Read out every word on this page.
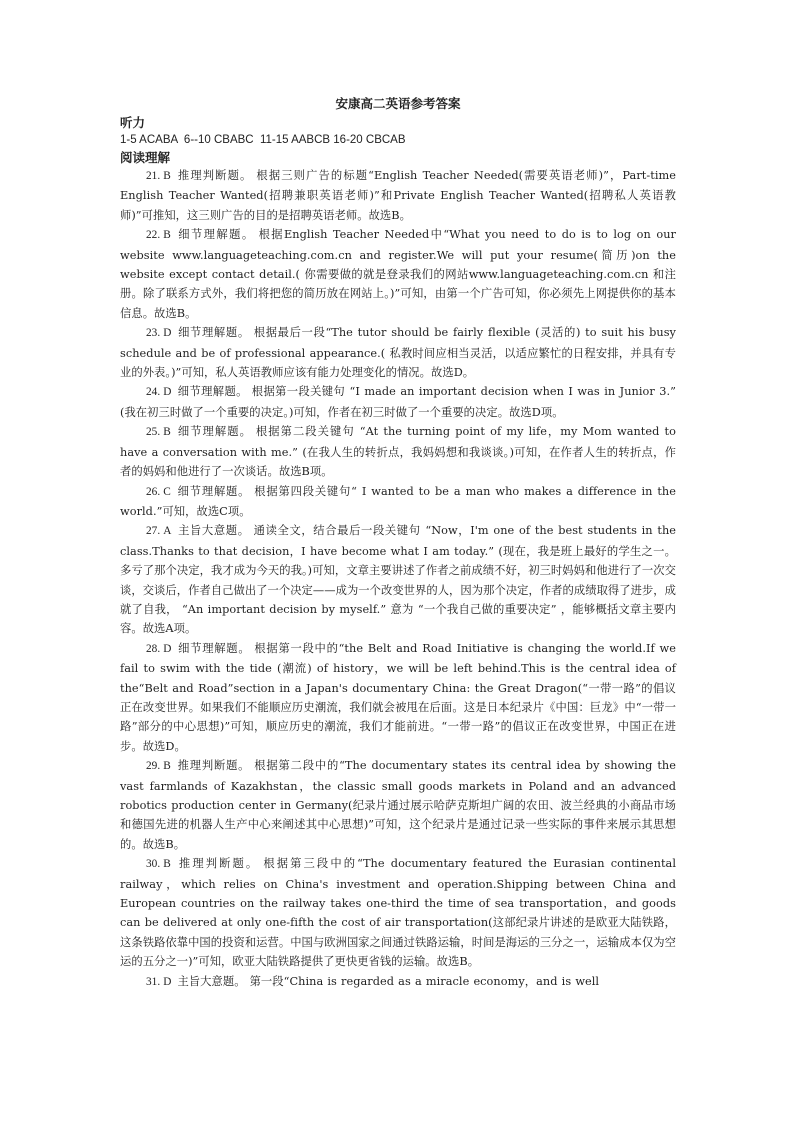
安康高二英语参考答案
听力

1-5 ACABA  6--10 CBABC  11-15 AABCB 16-20 CBCAB

阅读理解

21. B 推理判断题。 根据三则广告的标题“English Teacher Needed(需要英语老师)”，Part-time English Teacher Wanted(招聘兼职英语老师)”和Private English Teacher Wanted(招聘私人英语教师)”可推知，这三则广告的目的是招聘英语老师。故选B。

22. B 细节理解题。 根据English Teacher Needed中“What you need to do is to log on our website www.languageteaching.com.cn and register.We will put your resume(简历)on the website except contact detail.( 你需要做的就是登录我们的网站www.languageteaching.com.cn 和注册。除了联系方式外，我们将把您的简历放在网站上。)”可知，由第一个广告可知，你必须先上网提供你的基本信息。故选B。

23. D 细节理解题。 根据最后一段“The tutor should be fairly flexible (灵活的) to suit his busy schedule and be of professional appearance.( 私教时间应相当灵活，以适应繁忙的日程安排，并具有专业的外表。)”可知，私人英语教师应该有能力处理变化的情况。故选D。

24. D 细节理解题。 根据第一段关键句 “I made an important decision when I was in Junior 3.” (我在初三时做了一个重要的决定。)可知，作者在初三时做了一个重要的决定。故选D项。

25. B 细节理解题。 根据第二段关键句 “At the turning point of my life，my Mom wanted to have a conversation with me.” (在我人生的转折点，我妈妈想和我谈谈。)可知，在作者人生的转折点，作者的妈妈和他进行了一次谈话。故选B项。

26. C 细节理解题。 根据第四段关键句“ I wanted to be a man who makes a difference in the world.”可知，故选C项。

27. A 主旨大意题。 通读全文，结合最后一段关键句 “Now，I'm one of the best students in the class.Thanks to that decision，I have become what I am today.” (现在，我是班上最好的学生之一。多亏了那个决定，我才成为今天的我。)可知，文章主要讲述了作者之前成绩不好，初三时妈妈和他进行了一次交谈，交谈后，作者自己做出了一个决定——成为一个改变世界的人，因为那个决定，作者的成绩取得了进步，成就了自我， “An important decision by myself.” 意为 “一个我自己做的重要决定” ，能够概括文章主要内容。故选A项。

28. D 细节理解题。 根据第一段中的“the Belt and Road Initiative is changing the world.If we fail to swim with the tide (潮流) of history，we will be left behind.This is the central idea of the“Belt and Road”section in a Japan's documentary China: the Great Dragon(“一带一路”的倡议正在改变世界。如果我们不能顺应历史潮流，我们就会被甩在后面。这是日本纪录片《中国：巨龙》中“一带一路”部分的中心思想)”可知，顺应历史的潮流，我们才能前进。“一带一路”的倡议正在改变世界，中国正在进步。故选D。

29. B 推理判断题。 根据第二段中的“The documentary states its central idea by showing the vast farmlands of Kazakhstan，the classic small goods markets in Poland and an advanced robotics production center in Germany(纪录片通过展示哈萨克斯坦广阔的农田、波兰经典的小商品市场和德国先进的机器人生产中心来阐述其中心思想)”可知，这个纪录片是通过记录一些实际的事件来展示其思想的。故选B。

30. B 推理判断题。 根据第三段中的“The documentary featured the Eurasian continental railway，which relies on China's investment and operation.Shipping between China and European countries on the railway takes one-third the time of sea transportation，and goods can be delivered at only one-fifth the cost of air transportation(这部纪录片讲述的是欧亚大陆铁路，这条铁路依靠中国的投资和运营。中国与欧洲国家之间通过铁路运输，时间是海运的三分之一，运输成本仅为空运的五分之一)”可知，欧亚大陆铁路提供了更快更省钱的运输。故选B。

31. D 主旨大意题。 第一段“China is regarded as a miracle economy，and is well
